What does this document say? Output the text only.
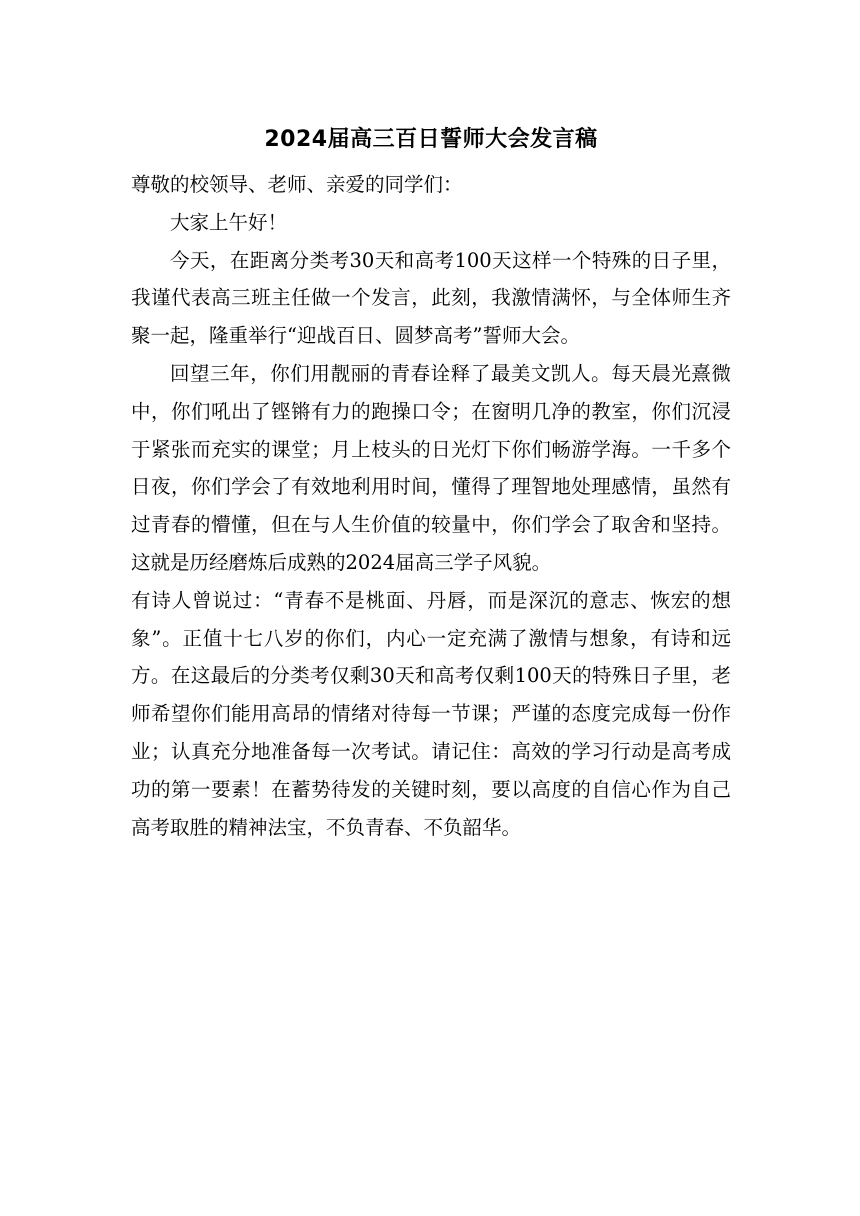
2024届高三百日誓师大会发言稿

尊敬的校领导、老师、亲爱的同学们：

大家上午好！

今天，在距离分类考30天和高考100天这样一个特殊的日子里，我谨代表高三班主任做一个发言，此刻，我激情满怀，与全体师生齐聚一起，隆重举行“迎战百日、圆梦高考”誓师大会。

回望三年，你们用靓丽的青春诠释了最美文凯人。每天晨光熹微中，你们吼出了铿锵有力的跑操口令；在窗明几净的教室，你们沉浸于紧张而充实的课堂；月上枝头的日光灯下你们畅游学海。一千多个日夜，你们学会了有效地利用时间，懂得了理智地处理感情，虽然有过青春的懵懂，但在与人生价值的较量中，你们学会了取舍和坚持。这就是历经磨炼后成熟的2024届高三学子风貌。

有诗人曾说过：“青春不是桃面、丹唇，而是深沉的意志、恢宏的想象”。正值十七八岁的你们，内心一定充满了激情与想象，有诗和远方。在这最后的分类考仅剩30天和高考仅剩100天的特殊日子里，老师希望你们能用高昂的情绪对待每一节课；严谨的态度完成每一份作业；认真充分地准备每一次考试。请记住：高效的学习行动是高考成功的第一要素！在蓄势待发的关键时刻，要以高度的自信心作为自己高考取胜的精神法宝，不负青春、不负韶华。
